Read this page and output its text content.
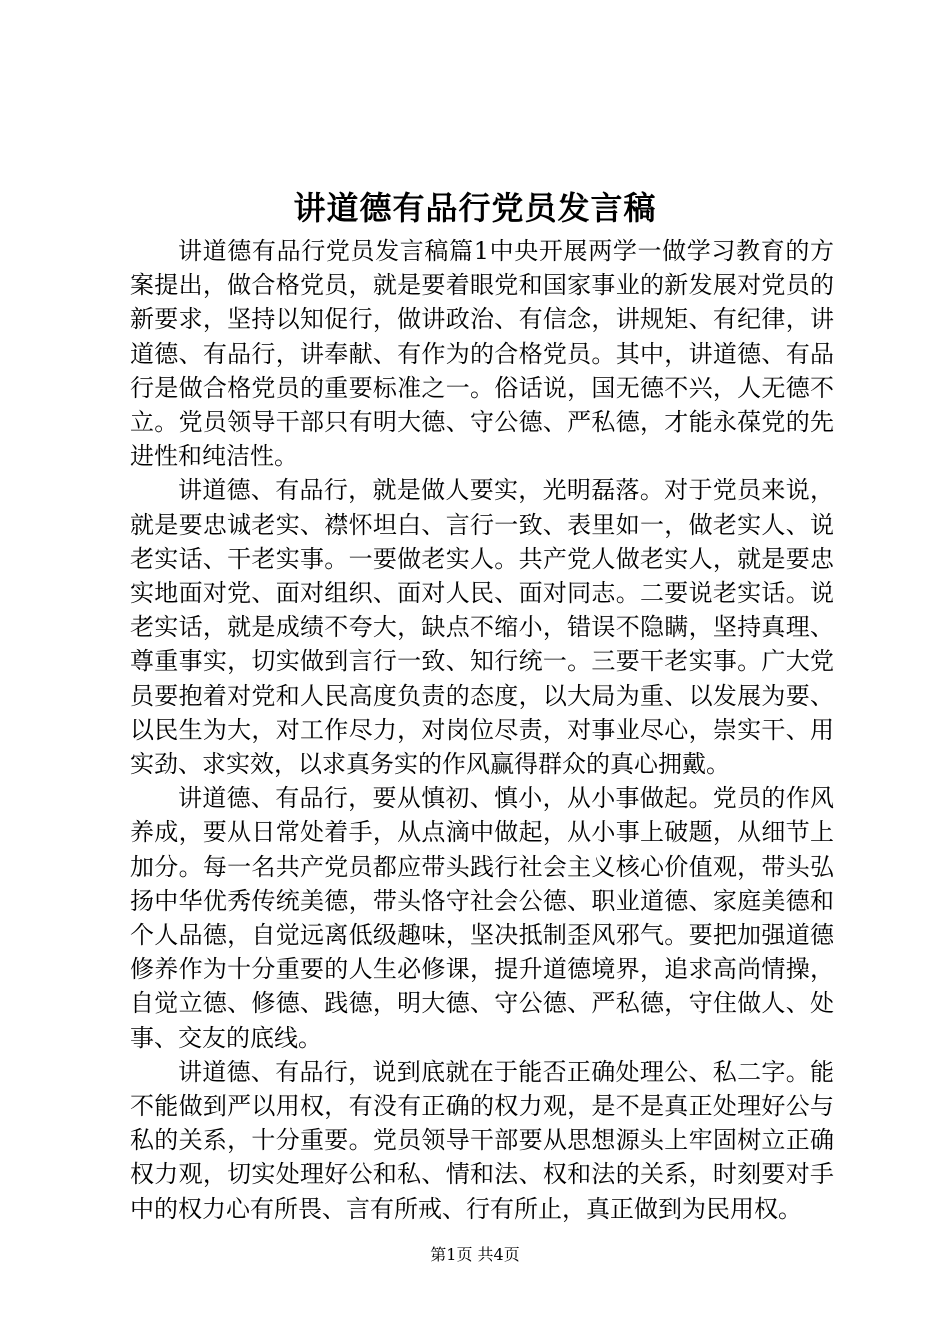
讲道德有品行党员发言稿

讲道德有品行党员发言稿篇1中央开展两学一做学习教育的方案提出，做合格党员，就是要着眼党和国家事业的新发展对党员的新要求，坚持以知促行，做讲政治、有信念，讲规矩、有纪律，讲道德、有品行，讲奉献、有作为的合格党员。其中，讲道德、有品行是做合格党员的重要标准之一。俗话说，国无德不兴，人无德不立。党员领导干部只有明大德、守公德、严私德，才能永葆党的先进性和纯洁性。

讲道德、有品行，就是做人要实，光明磊落。对于党员来说，就是要忠诚老实、襟怀坦白、言行一致、表里如一，做老实人、说老实话、干老实事。一要做老实人。共产党人做老实人，就是要忠实地面对党、面对组织、面对人民、面对同志。二要说老实话。说老实话，就是成绩不夸大，缺点不缩小，错误不隐瞒，坚持真理、尊重事实，切实做到言行一致、知行统一。三要干老实事。广大党员要抱着对党和人民高度负责的态度，以大局为重、以发展为要、以民生为大，对工作尽力，对岗位尽责，对事业尽心，崇实干、用实劲、求实效，以求真务实的作风赢得群众的真心拥戴。

讲道德、有品行，要从慎初、慎小，从小事做起。党员的作风养成，要从日常处着手，从点滴中做起，从小事上破题，从细节上加分。每一名共产党员都应带头践行社会主义核心价值观，带头弘扬中华优秀传统美德，带头恪守社会公德、职业道德、家庭美德和个人品德，自觉远离低级趣味，坚决抵制歪风邪气。要把加强道德修养作为十分重要的人生必修课，提升道德境界，追求高尚情操，自觉立德、修德、践德，明大德、守公德、严私德，守住做人、处事、交友的底线。

讲道德、有品行，说到底就在于能否正确处理公、私二字。能不能做到严以用权，有没有正确的权力观，是不是真正处理好公与私的关系，十分重要。党员领导干部要从思想源头上牢固树立正确权力观，切实处理好公和私、情和法、权和法的关系，时刻要对手中的权力心有所畏、言有所戒、行有所止，真正做到为民用权。

第1页 共4页
